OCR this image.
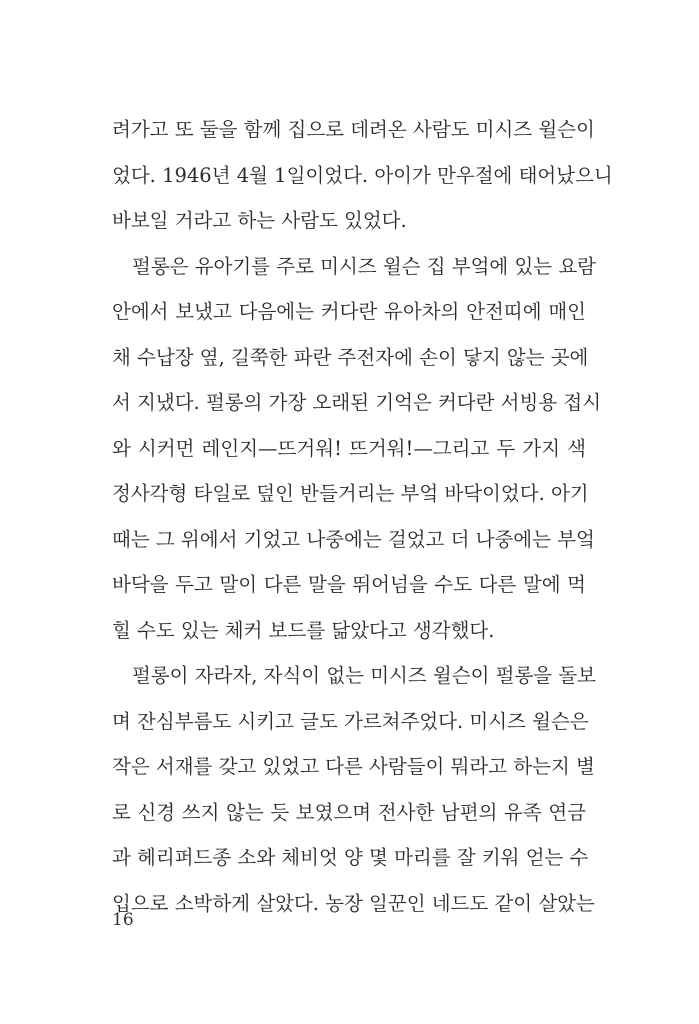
려가고 또 둘을 함께 집으로 데려온 사람도 미시즈 윌슨이
었다. 1946년 4월 1일이었다. 아이가 만우절에 태어났으니
바보일 거라고 하는 사람도 있었다.
펄롱은 유아기를 주로 미시즈 윌슨 집 부엌에 있는 요람
안에서 보냈고 다음에는 커다란 유아차의 안전띠에 매인
채 수납장 옆, 길쭉한 파란 주전자에 손이 닿지 않는 곳에
서 지냈다. 펄롱의 가장 오래된 기억은 커다란 서빙용 접시
와 시커먼 레인지—뜨거워! 뜨거워!—그리고 두 가지 색
정사각형 타일로 덮인 반들거리는 부엌 바닥이었다. 아기
때는 그 위에서 기었고 나중에는 걸었고 더 나중에는 부엌
바닥을 두고 말이 다른 말을 뛰어넘을 수도 다른 말에 먹
힐 수도 있는 체커 보드를 닮았다고 생각했다.
펄롱이 자라자, 자식이 없는 미시즈 윌슨이 펄롱을 돌보
며 잔심부름도 시키고 글도 가르쳐주었다. 미시즈 윌슨은
작은 서재를 갖고 있었고 다른 사람들이 뭐라고 하는지 별
로 신경 쓰지 않는 듯 보였으며 전사한 남편의 유족 연금
과 헤리퍼드종 소와 체비엇 양 몇 마리를 잘 키워 얻는 수
입으로 소박하게 살았다. 농장 일꾼인 네드도 같이 살았는
16
